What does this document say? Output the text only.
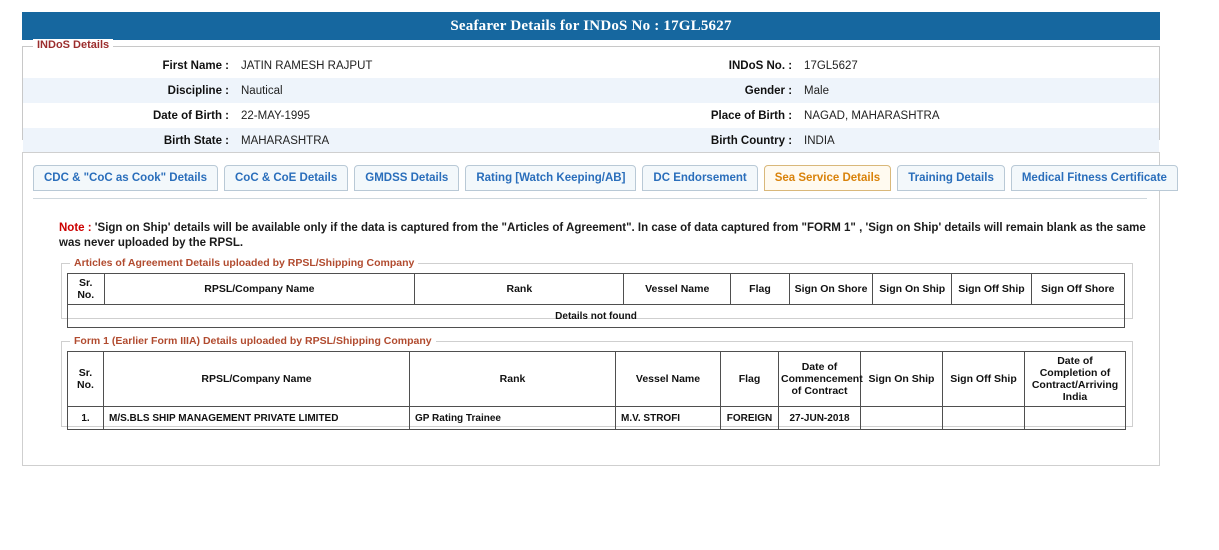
Seafarer Details for INDoS No : 17GL5627
INDoS Details
First Name :	JATIN RAMESH RAJPUT	INDoS No. :	17GL5627
Discipline :	Nautical	Gender :	Male
Date of Birth :	22-MAY-1995	Place of Birth :	NAGAD, MAHARASHTRA
Birth State :	MAHARASHTRA	Birth Country :	INDIA
CDC & "CoC as Cook" Details	CoC & CoE Details	GMDSS Details	Rating [Watch Keeping/AB]	DC Endorsement	Sea Service Details	Training Details	Medical Fitness Certificate
Note : 'Sign on Ship' details will be available only if the data is captured from the "Articles of Agreement". In case of data captured from "FORM 1" , 'Sign on Ship' details will remain blank as the same was never uploaded by the RPSL.
Articles of Agreement Details uploaded by RPSL/Shipping Company
Sr. No.	RPSL/Company Name	Rank	Vessel Name	Flag	Sign On Shore	Sign On Ship	Sign Off Ship	Sign Off Shore
Details not found
Form 1 (Earlier Form IIIA) Details uploaded by RPSL/Shipping Company
Sr. No.	RPSL/Company Name	Rank	Vessel Name	Flag	Date of Commencement of Contract	Sign On Ship	Sign Off Ship	Date of Completion of Contract/Arriving India
1.	M/S.BLS SHIP MANAGEMENT PRIVATE LIMITED	GP Rating Trainee	M.V. STROFI	FOREIGN	27-JUN-2018			
